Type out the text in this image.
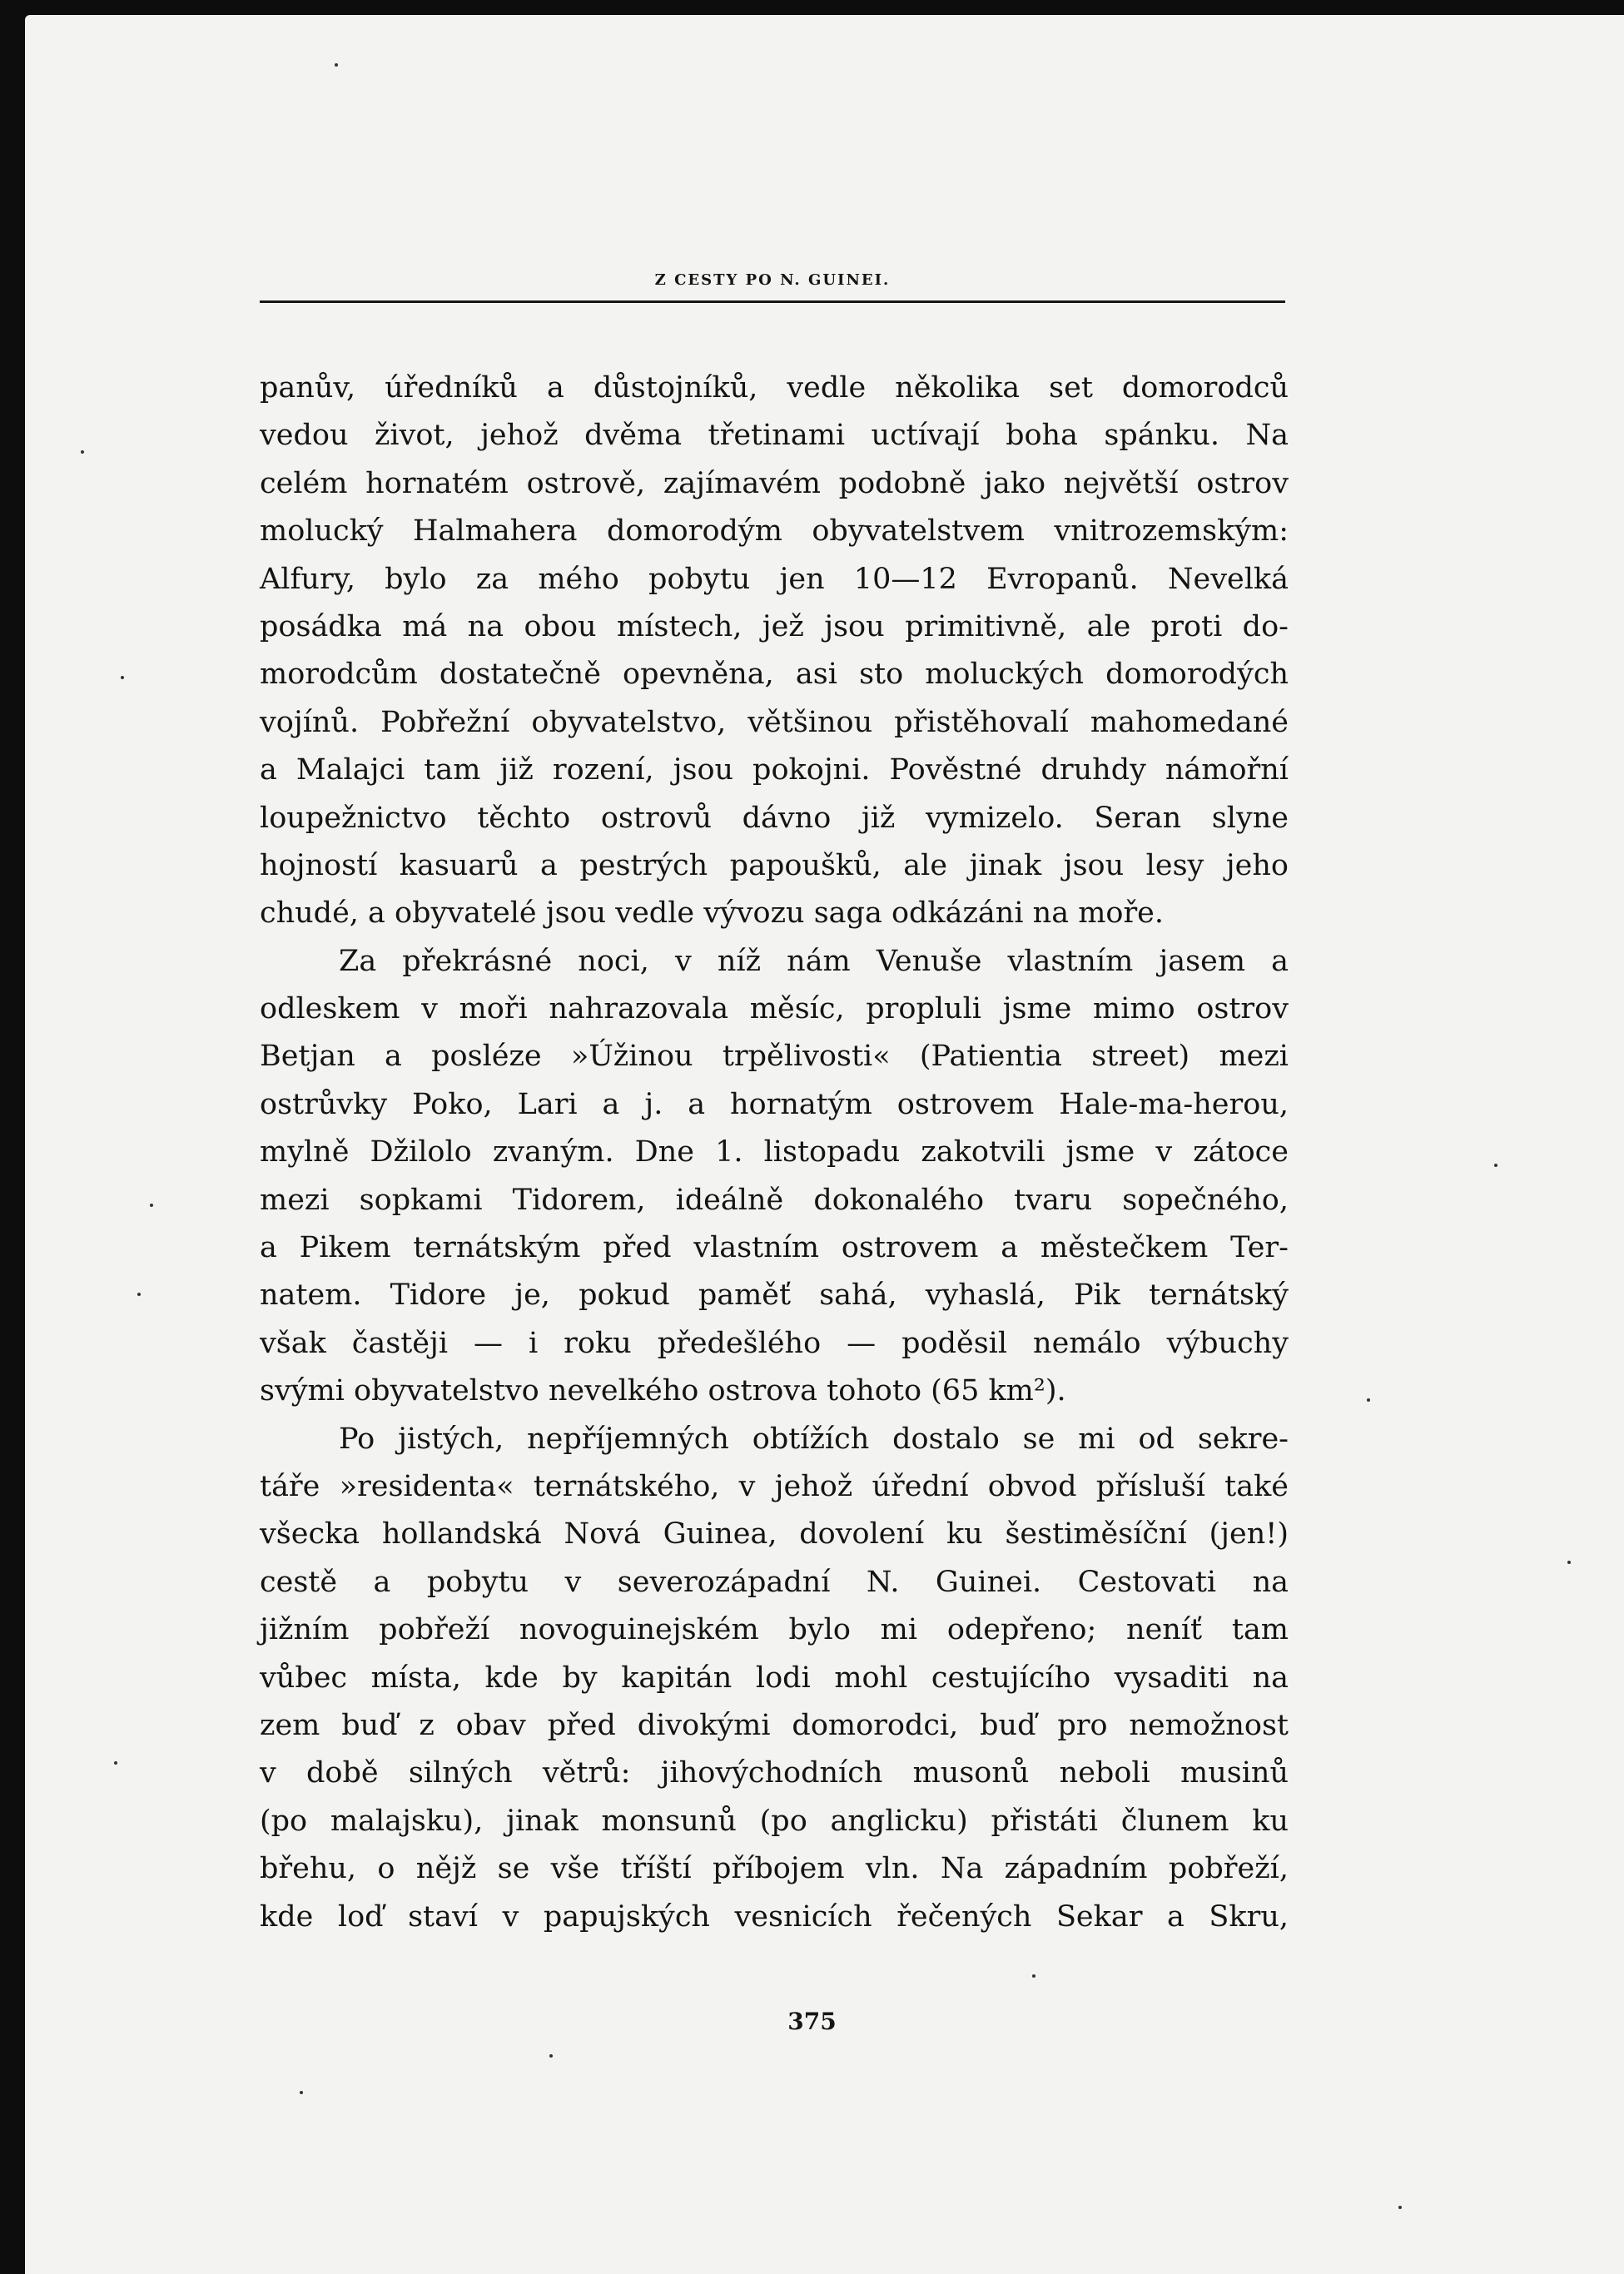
Z CESTY PO N. GUINEI.
panův, úředníků a důstojníků, vedle několika set domorodců
vedou život, jehož dvěma třetinami uctívají boha spánku. Na
celém hornatém ostrově, zajímavém podobně jako největší ostrov
molucký Halmahera domorodým obyvatelstvem vnitrozemským:
Alfury, bylo za mého pobytu jen 10—12 Evropanů. Nevelká
posádka má na obou místech, jež jsou primitivně, ale proti do-
morodcům dostatečně opevněna, asi sto moluckých domorodých
vojínů. Pobřežní obyvatelstvo, většinou přistěhovalí mahomedané
a Malajci tam již rození, jsou pokojni. Pověstné druhdy námořní
loupežnictvo těchto ostrovů dávno již vymizelo. Seran slyne
hojností kasuarů a pestrých papoušků, ale jinak jsou lesy jeho
chudé, a obyvatelé jsou vedle vývozu saga odkázáni na moře.
Za překrásné noci, v níž nám Venuše vlastním jasem a
odleskem v moři nahrazovala měsíc, propluli jsme mimo ostrov
Betjan a posléze »Úžinou trpělivosti« (Patientia street) mezi
ostrůvky Poko, Lari a j. a hornatým ostrovem Hale-ma-herou,
mylně Džilolo zvaným. Dne 1. listopadu zakotvili jsme v zátoce
mezi sopkami Tidorem, ideálně dokonalého tvaru sopečného,
a Pikem ternátským před vlastním ostrovem a městečkem Ter-
natem. Tidore je, pokud paměť sahá, vyhaslá, Pik ternátský
však častěji — i roku předešlého — poděsil nemálo výbuchy
svými obyvatelstvo nevelkého ostrova tohoto (65 km²).
Po jistých, nepříjemných obtížích dostalo se mi od sekre-
táře »residenta« ternátského, v jehož úřední obvod přísluší také
všecka hollandská Nová Guinea, dovolení ku šestiměsíční (jen!)
cestě a pobytu v severozápadní N. Guinei. Cestovati na
jižním pobřeží novoguinejském bylo mi odepřeno; neníť tam
vůbec místa, kde by kapitán lodi mohl cestujícího vysaditi na
zem buď z obav před divokými domorodci, buď pro nemožnost
v době silných větrů: jihovýchodních musonů neboli musinů
(po malajsku), jinak monsunů (po anglicku) přistáti člunem ku
břehu, o nějž se vše tříští příbojem vln. Na západním pobřeží,
kde loď staví v papujských vesnicích řečených Sekar a Skru,
375
